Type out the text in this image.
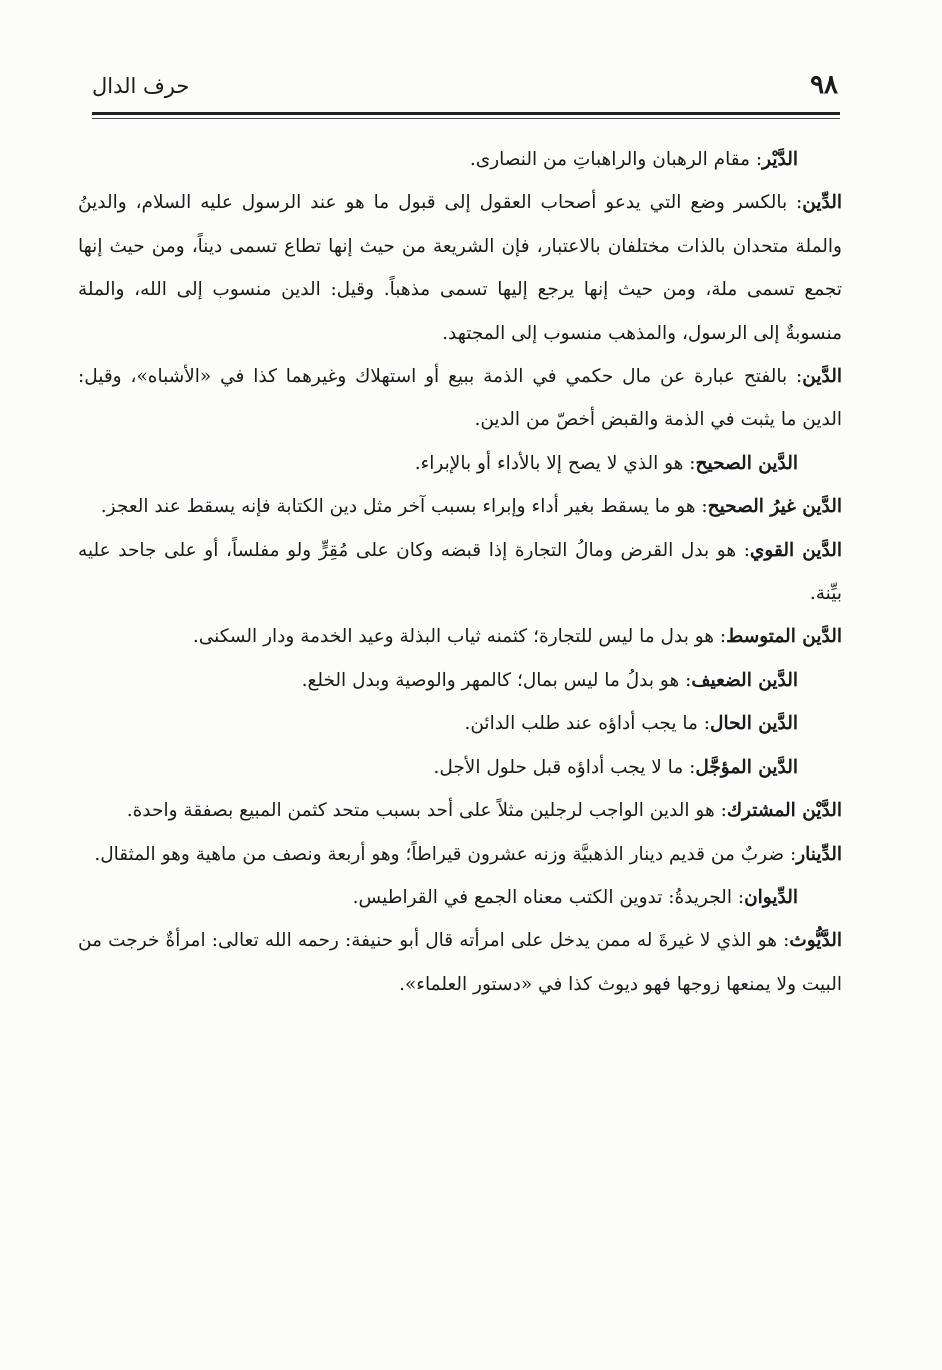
حرف الدال	٩٨

الدَّيْر: مقام الرهبان والراهباتِ من النصارى.

الدِّين: بالكسر وضع التي يدعو أصحاب العقول إلى قبول ما هو عند الرسول عليه السلام، والدينُ والملة متحدان بالذات مختلفان بالاعتبار، فإن الشريعة من حيث إنها تطاع تسمى ديناً، ومن حيث إنها تجمع تسمى ملة، ومن حيث إنها يرجع إليها تسمى مذهباً. وقيل: الدين منسوب إلى الله، والملة منسوبةٌ إلى الرسول، والمذهب منسوب إلى المجتهد.

الدَّين: بالفتح عبارة عن مال حكمي في الذمة ببيع أو استهلاك وغيرهما كذا في «الأشباه»، وقيل: الدين ما يثبت في الذمة والقبض أخصّ من الدين.

الدَّين الصحيح: هو الذي لا يصح إلا بالأداء أو بالإبراء.

الدَّين غيرُ الصحيح: هو ما يسقط بغير أداء وإبراء بسبب آخر مثل دين الكتابة فإنه يسقط عند العجز.

الدَّين القوي: هو بدل القرض ومالُ التجارة إذا قبضه وكان على مُقِرٍّ ولو مفلساً، أو على جاحد عليه بيِّنة.

الدَّين المتوسط: هو بدل ما ليس للتجارة؛ كثمنه ثياب البذلة وعيد الخدمة ودار السكنى.

الدَّين الضعيف: هو بدلُ ما ليس بمال؛ كالمهر والوصية وبدل الخلع.

الدَّين الحال: ما يجب أداؤه عند طلب الدائن.

الدَّين المؤجَّل: ما لا يجب أداؤه قبل حلول الأجل.

الدَّيْن المشترك: هو الدين الواجب لرجلين مثلاً على أحد بسبب متحد كثمن المبيع بصفقة واحدة.

الدِّينار: ضربٌ من قديم دينار الذهبيَّة وزنه عشرون قيراطاً؛ وهو أربعة ونصف من ماهية وهو المثقال.

الدِّيوان: الجريدةُ: تدوين الكتب معناه الجمع في القراطيس.

الدَّيُّوث: هو الذي لا غيرةَ له ممن يدخل على امرأته قال أبو حنيفة: رحمه الله تعالى: امرأةٌ خرجت من البيت ولا يمنعها زوجها فهو ديوث كذا في «دستور العلماء».
